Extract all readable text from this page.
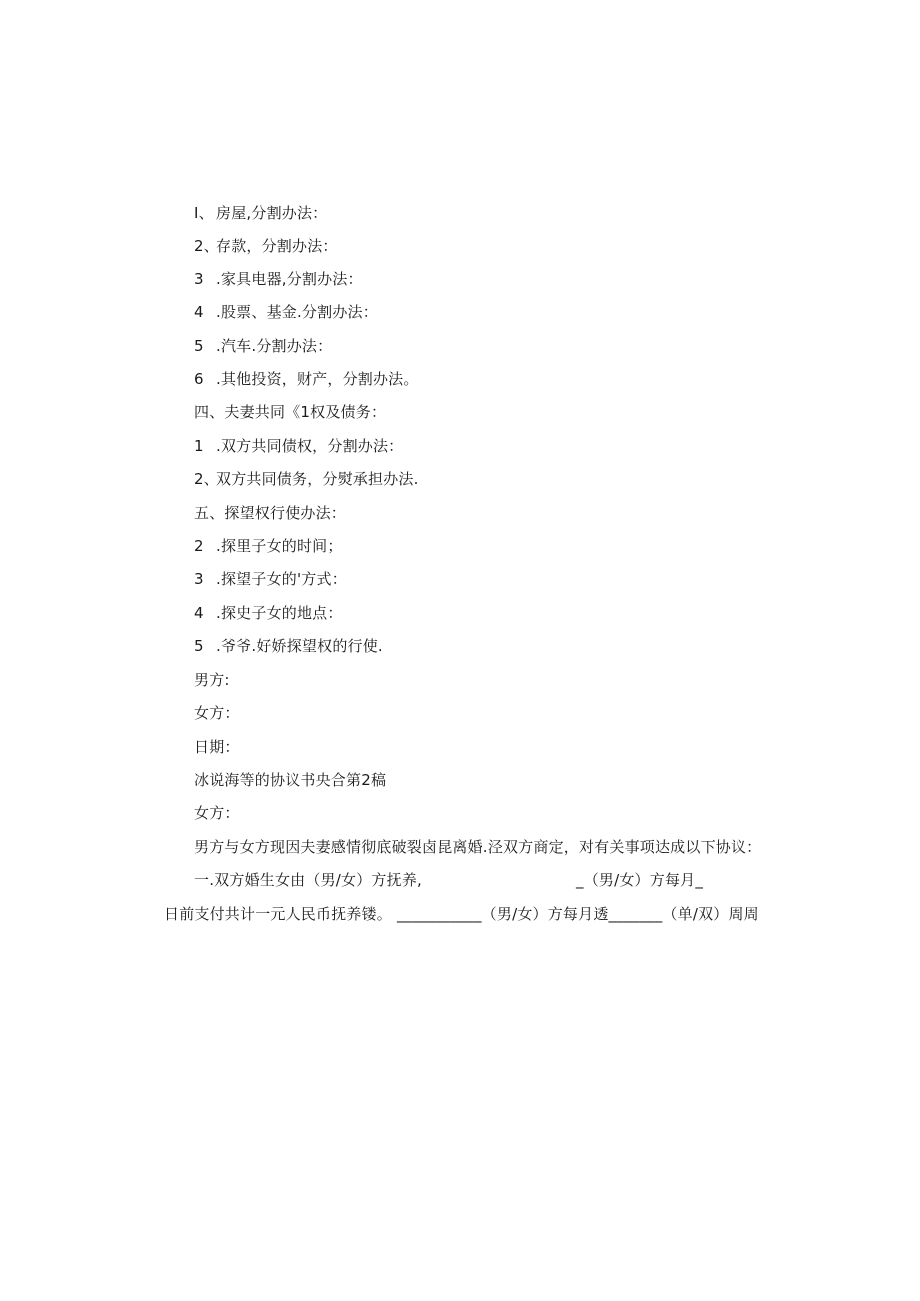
I、 房屋,分割办法：
2、存款，分割办法：
3 .家具电器,分割办法：
4 .股票、基金.分割办法：
5 .汽车.分割办法：
6 .其他投资，财产，分割办法。
四、夫妻共同《1权及债务：
1 .双方共同债权，分割办法：
2、双方共同债务，分熨承担办法.
五、探望权行使办法：
2 .探里子女的时间；
3 .探望子女的'方式：
4 .探史子女的地点：
5 .爷爷.好娇探望权的行使.
男方:
女方：
日期：
冰说海等的协议书央合第2稿
女方：
男方与女方现因夫妻感情彻底破裂卤昆离婚.泾双方商定，对有关事项达成以下协议：
一.双方婚生女由（男/女）方抚养,	_（男/女）方每月_
日前支付共计一元人民币抚养镂。 ___________（男/女）方每月透_______（单/双）周周
